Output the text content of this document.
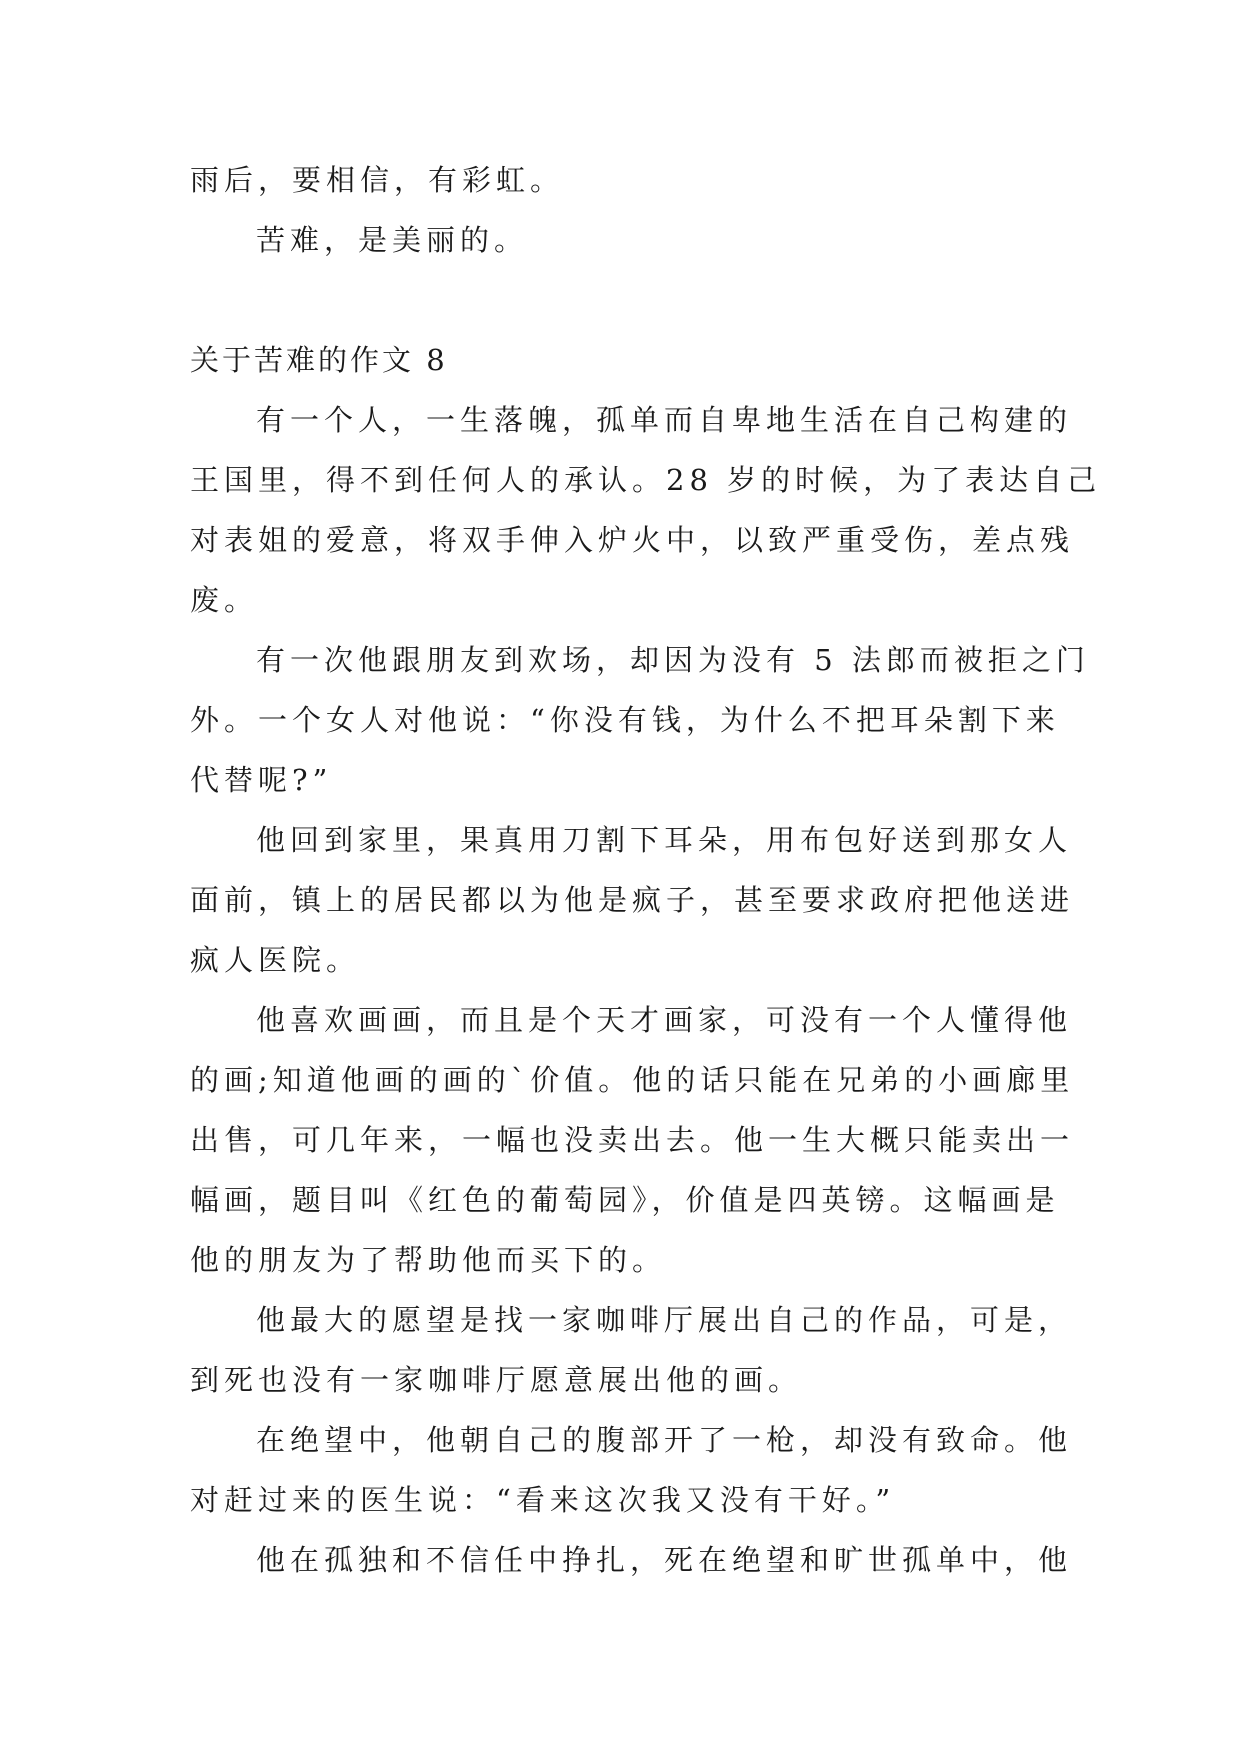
雨后，要相信，有彩虹。
苦难，是美丽的。
关于苦难的作文 8
有一个人，一生落魄，孤单而自卑地生活在自己构建的
王国里，得不到任何人的承认。28 岁的时候，为了表达自己
对表姐的爱意，将双手伸入炉火中，以致严重受伤，差点残
废。
有一次他跟朋友到欢场，却因为没有 5 法郎而被拒之门
外。一个女人对他说：“你没有钱，为什么不把耳朵割下来
代替呢?”
他回到家里，果真用刀割下耳朵，用布包好送到那女人
面前，镇上的居民都以为他是疯子，甚至要求政府把他送进
疯人医院。
他喜欢画画，而且是个天才画家，可没有一个人懂得他
的画;知道他画的画的`价值。他的话只能在兄弟的小画廊里
出售，可几年来，一幅也没卖出去。他一生大概只能卖出一
幅画，题目叫《红色的葡萄园》，价值是四英镑。这幅画是
他的朋友为了帮助他而买下的。
他最大的愿望是找一家咖啡厅展出自己的作品，可是，
到死也没有一家咖啡厅愿意展出他的画。
在绝望中，他朝自己的腹部开了一枪，却没有致命。他
对赶过来的医生说：“看来这次我又没有干好。”
他在孤独和不信任中挣扎，死在绝望和旷世孤单中，他
